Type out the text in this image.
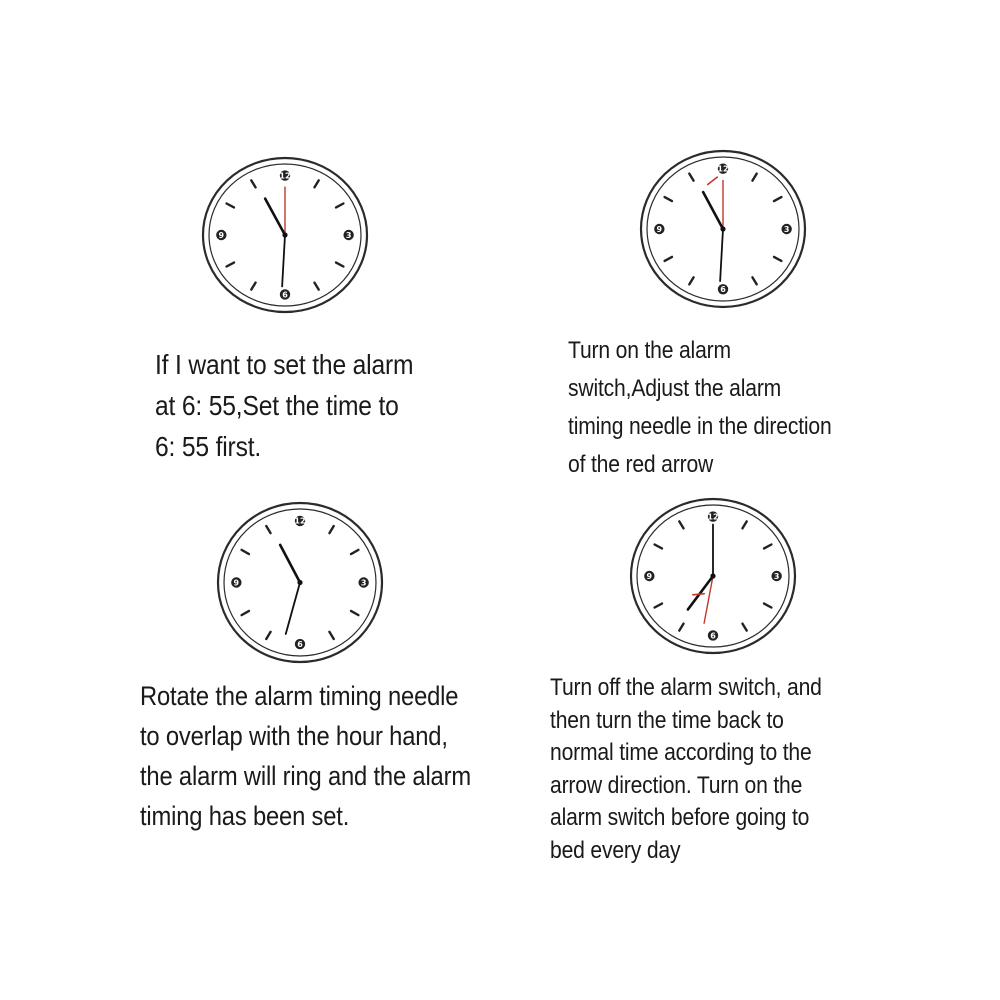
12
3
6
9
12
3
6
9
12
3
6
9
12
3
6
9
If I want to set the alarm
at 6: 55,Set the time to
6: 55 first.
Turn on the alarm
switch,Adjust the alarm
timing needle in the direction
of the red arrow
Rotate the alarm timing needle
to overlap with the hour hand,
the alarm will ring and the alarm
timing has been set.
Turn off the alarm switch, and
then turn the time back to
normal time according to the
arrow direction. Turn on the
alarm switch before going to
bed every day
